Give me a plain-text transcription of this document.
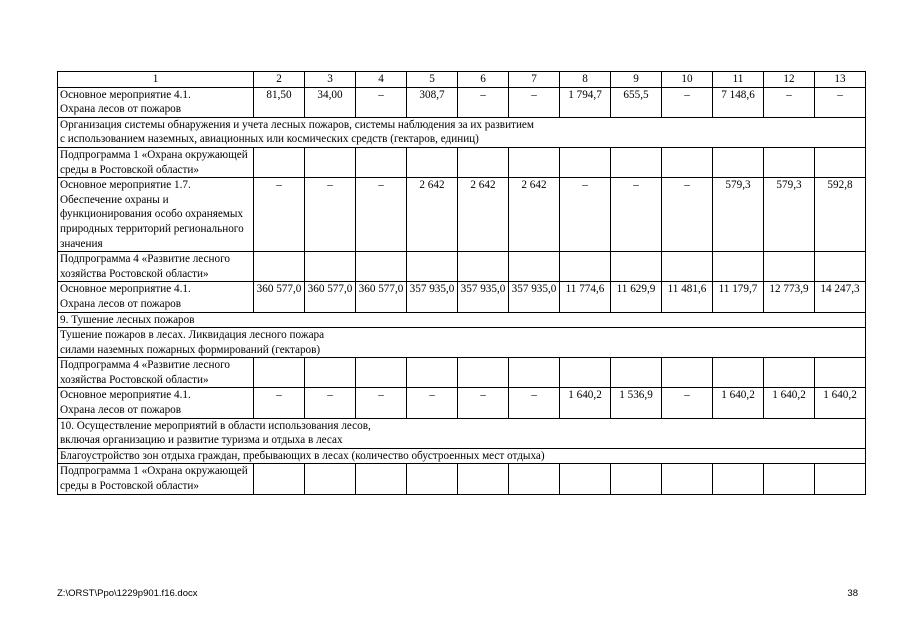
1	2	3	4	5	6	7	8	9	10	11	12	13
Основное мероприятие 4.1.
Охрана лесов от пожаров	81,50	34,00	–	308,7	–	–	1 794,7	655,5	–	7 148,6	–	–
Организация системы обнаружения и учета лесных пожаров, системы наблюдения за их развитием
с использованием наземных, авиационных или космических средств (гектаров, единиц)												
Подпрограмма 1 «Охрана окружающей среды в Ростовской области»												
Основное мероприятие 1.7. Обеспечение охраны и функционирования особо охраняемых природных территорий регионального значения	–	–	–	2 642	2 642	2 642	–	–	–	579,3	579,3	592,8
Подпрограмма 4 «Развитие лесного хозяйства Ростовской области»												
Основное мероприятие 4.1.
Охрана лесов от пожаров	360 577,0	360 577,0	360 577,0	357 935,0	357 935,0	357 935,0	11 774,6	11 629,9	11 481,6	11 179,7	12 773,9	14 247,3
9. Тушение лесных пожаров												
Тушение пожаров в лесах. Ликвидация лесного пожара
силами наземных пожарных формирований (гектаров)												
Подпрограмма 4 «Развитие лесного хозяйства Ростовской области»												
Основное мероприятие 4.1.
Охрана лесов от пожаров	–	–	–	–	–	–	1 640,2	1 536,9	–	1 640,2	1 640,2	1 640,2
10. Осуществление мероприятий в области использования лесов,
включая организацию и развитие туризма и отдыха в лесах												
Благоустройство зон отдыха граждан, пребывающих в лесах (количество обустроенных мест отдыха)												
Подпрограмма 1 «Охрана окружающей среды в Ростовской области»												
Z:\ORST\Ppo\1229p901.f16.docx	38
